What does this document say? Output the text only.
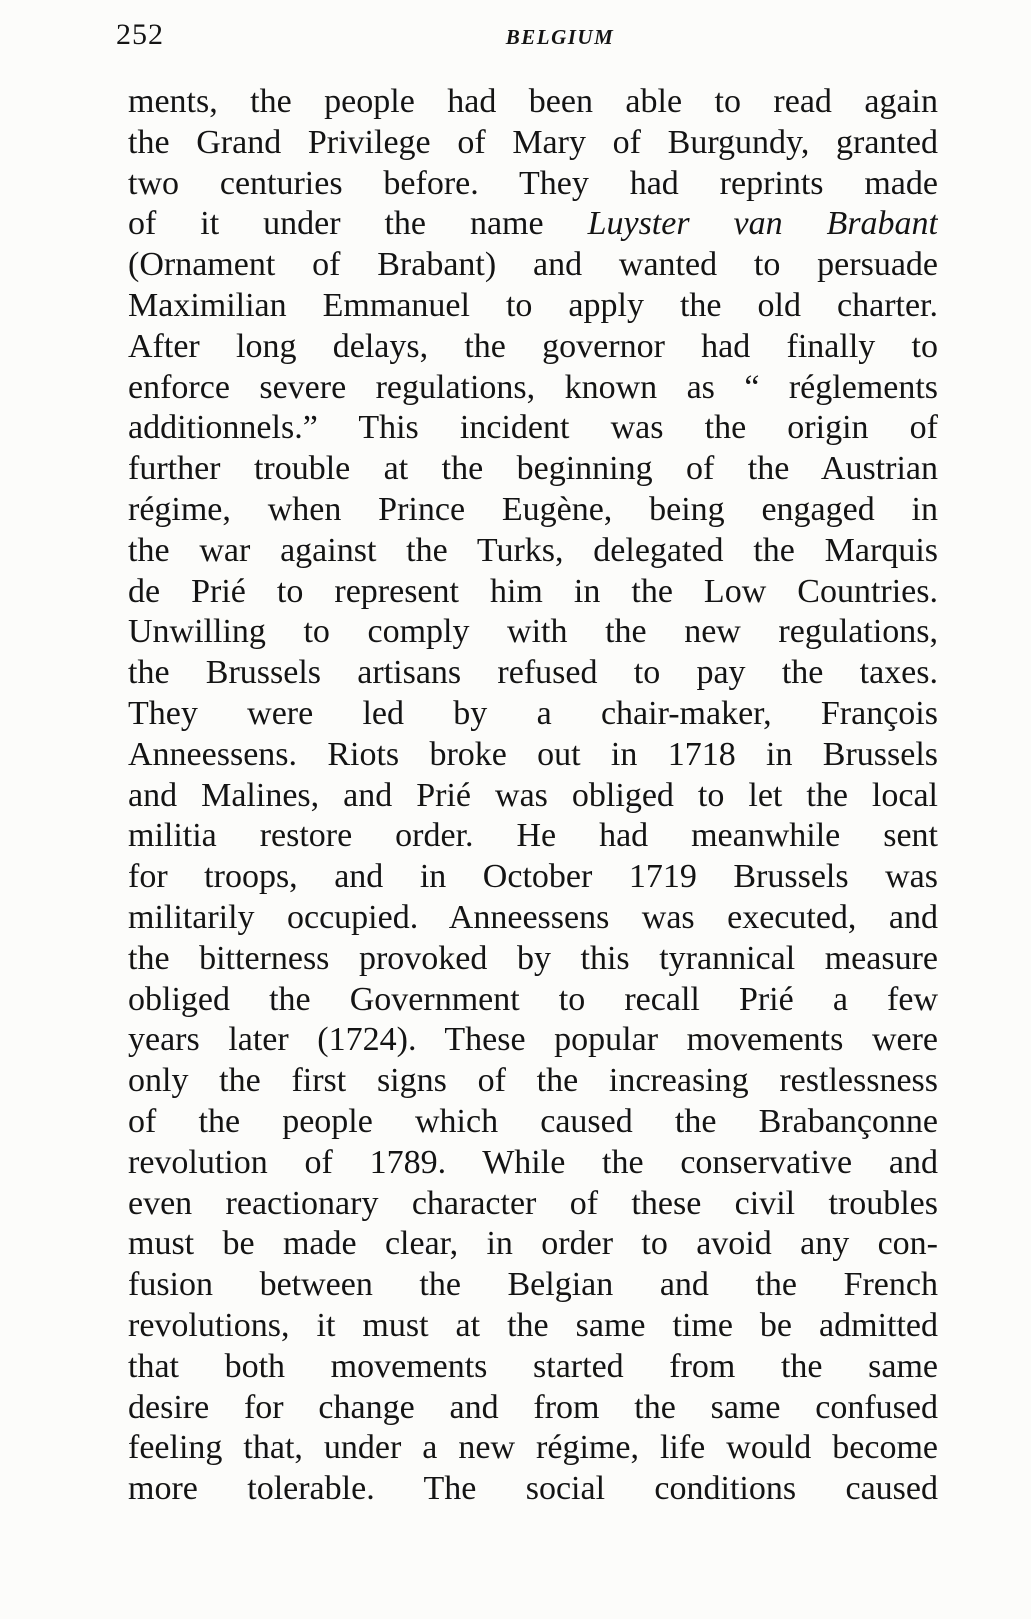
252	BELGIUM
ments, the people had been able to read again
the Grand Privilege of Mary of Burgundy, granted
two centuries before. They had reprints made
of it under the name Luyster van Brabant
(Ornament of Brabant) and wanted to persuade
Maximilian Emmanuel to apply the old charter.
After long delays, the governor had finally to
enforce severe regulations, known as “ réglements
additionnels.” This incident was the origin of
further trouble at the beginning of the Austrian
régime, when Prince Eugène, being engaged in
the war against the Turks, delegated the Marquis
de Prié to represent him in the Low Countries.
Unwilling to comply with the new regulations,
the Brussels artisans refused to pay the taxes.
They were led by a chair-maker, François
Anneessens. Riots broke out in 1718 in Brussels
and Malines, and Prié was obliged to let the local
militia restore order. He had meanwhile sent
for troops, and in October 1719 Brussels was
militarily occupied. Anneessens was executed, and
the bitterness provoked by this tyrannical measure
obliged the Government to recall Prié a few
years later (1724). These popular movements were
only the first signs of the increasing restlessness
of the people which caused the Brabançonne
revolution of 1789. While the conservative and
even reactionary character of these civil troubles
must be made clear, in order to avoid any con-
fusion between the Belgian and the French
revolutions, it must at the same time be admitted
that both movements started from the same
desire for change and from the same confused
feeling that, under a new régime, life would become
more tolerable. The social conditions caused
